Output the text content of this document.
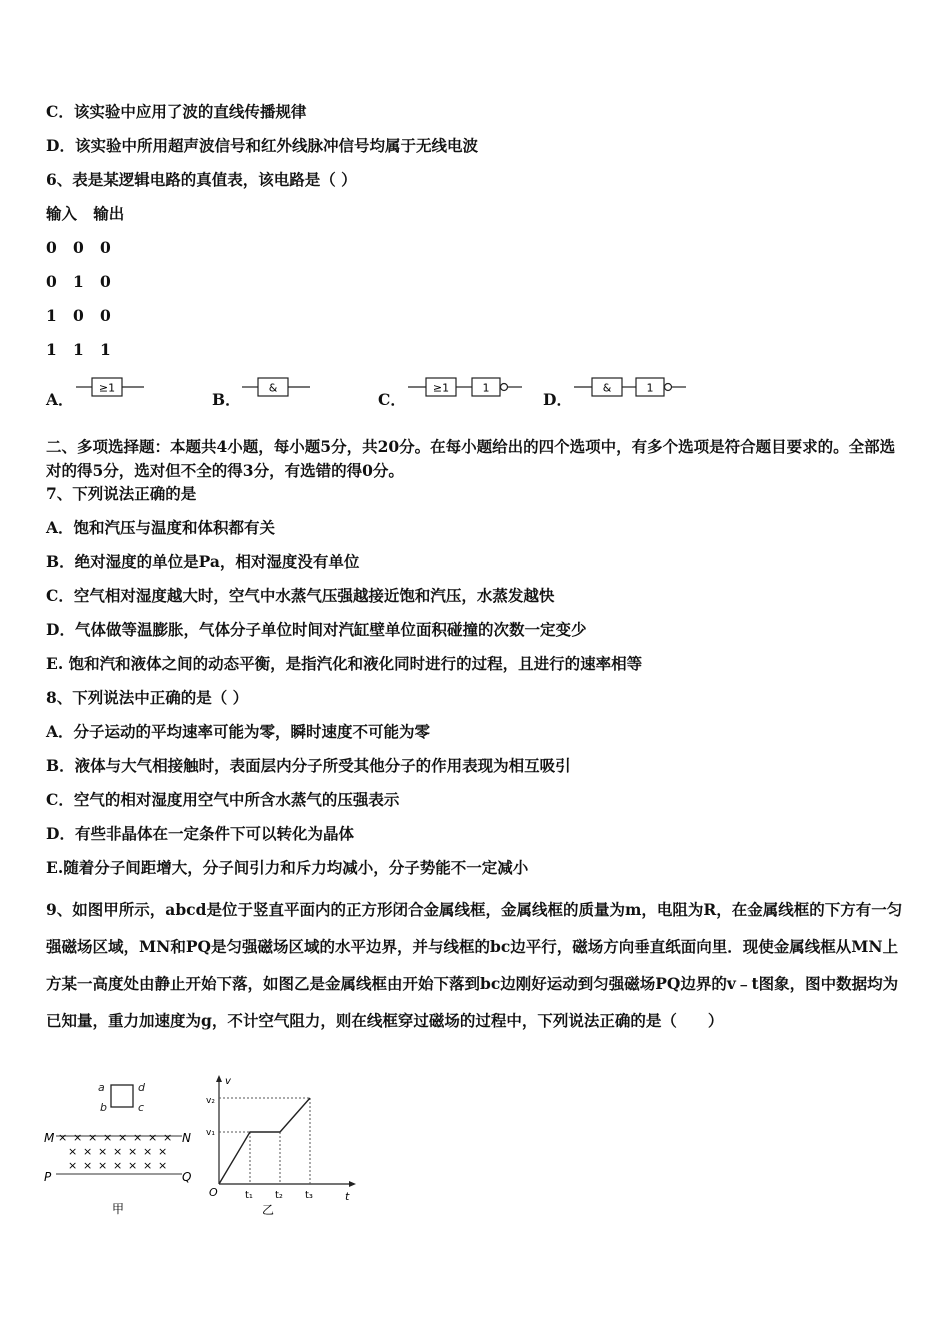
C．该实验中应用了波的直线传播规律
D．该实验中所用超声波信号和红外线脉冲信号均属于无线电波
6、表是某逻辑电路的真值表，该电路是（ ）
输入   输出
0   0   0
0   1   0
1   0   0
1   1   1
A．
≥1
B．
&
C．
≥1	1
D．
&	1
二、多项选择题：本题共4小题，每小题5分，共20分。在每小题给出的四个选项中，有多个选项是符合题目要求的。全部选对的得5分，选对但不全的得3分，有选错的得0分。
7、下列说法正确的是
A．饱和汽压与温度和体积都有关
B．绝对湿度的单位是Pa，相对湿度没有单位
C．空气相对湿度越大时，空气中水蒸气压强越接近饱和汽压，水蒸发越快
D．气体做等温膨胀，气体分子单位时间对汽缸壁单位面积碰撞的次数一定变少
E. 饱和汽和液体之间的动态平衡，是指汽化和液化同时进行的过程，且进行的速率相等
8、下列说法中正确的是（ ）
A．分子运动的平均速率可能为零，瞬时速度不可能为零
B．液体与大气相接触时，表面层内分子所受其他分子的作用表现为相互吸引
C．空气的相对湿度用空气中所含水蒸气的压强表示
D．有些非晶体在一定条件下可以转化为晶体
E.随着分子间距增大，分子间引力和斥力均减小，分子势能不一定减小
9、如图甲所示，abcd是位于竖直平面内的正方形闭合金属线框，金属线框的质量为m，电阻为R，在金属线框的下方有一匀强磁场区域，MN和PQ是匀强磁场区域的水平边界，并与线框的bc边平行，磁场方向垂直纸面向里．现使金属线框从MN上方某一高度处由静止开始下落，如图乙是金属线框由开始下落到bc边刚好运动到匀强磁场PQ边界的v﹣t图象，图中数据均为已知量，重力加速度为g，不计空气阻力，则在线框穿过磁场的过程中，下列说法正确的是（　　）
a
b
d
c
M	N
× × × × × × × ×
× × × × × × ×
× × × × × × ×
P	Q
甲
v
t
O
v₂
v₁
t₁ t₂ t₃
乙
